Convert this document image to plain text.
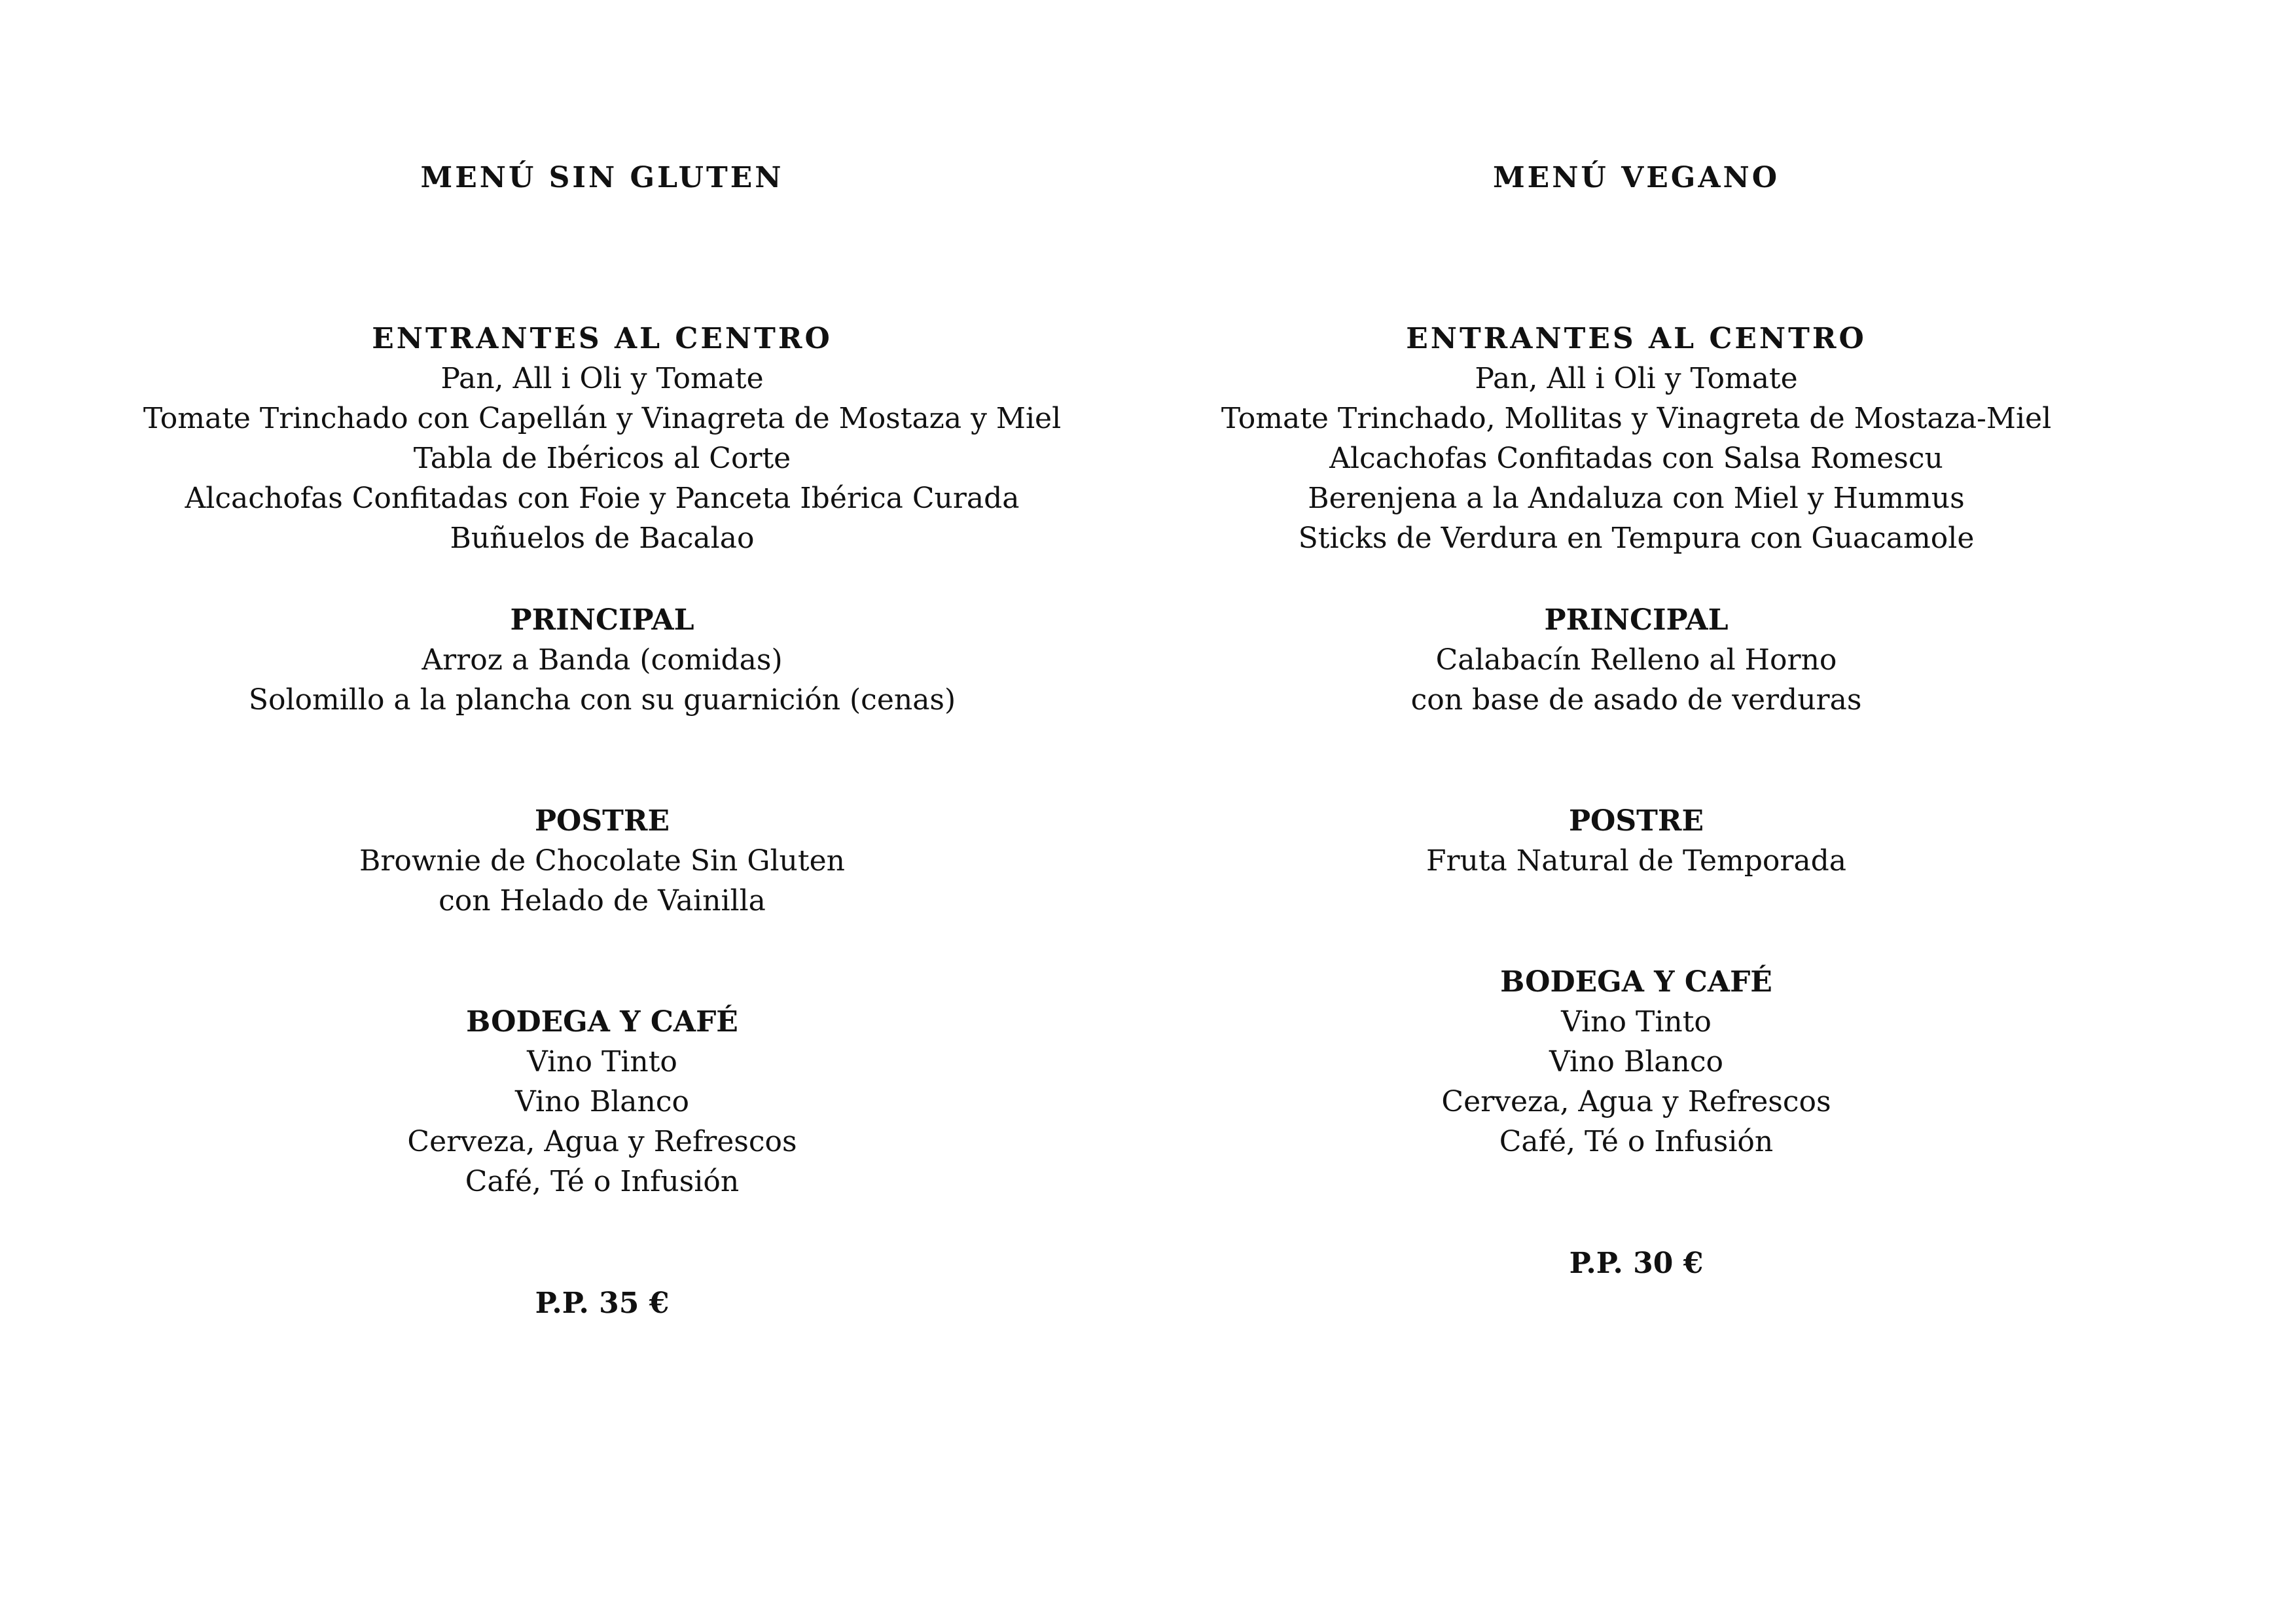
MENÚ SIN GLUTEN
ENTRANTES AL CENTRO
Pan, All i Oli y Tomate
Tomate Trinchado con Capellán y Vinagreta de Mostaza y Miel
Tabla de Ibéricos al Corte
Alcachofas Confitadas con Foie y Panceta Ibérica Curada
Buñuelos de Bacalao
PRINCIPAL
Arroz a Banda (comidas)
Solomillo a la plancha con su guarnición (cenas)
POSTRE
Brownie de Chocolate Sin Gluten
con Helado de Vainilla
BODEGA Y CAFÉ
Vino Tinto
Vino Blanco
Cerveza, Agua y Refrescos
Café, Té o Infusión
P.P. 35 €
MENÚ VEGANO
ENTRANTES AL CENTRO
Pan, All i Oli y Tomate
Tomate Trinchado, Mollitas y Vinagreta de Mostaza-Miel
Alcachofas Confitadas con Salsa Romescu
Berenjena a la Andaluza con Miel y Hummus
Sticks de Verdura en Tempura con Guacamole
PRINCIPAL
Calabacín Relleno al Horno
con base de asado de verduras
POSTRE
Fruta Natural de Temporada
BODEGA Y CAFÉ
Vino Tinto
Vino Blanco
Cerveza, Agua y Refrescos
Café, Té o Infusión
P.P. 30 €
